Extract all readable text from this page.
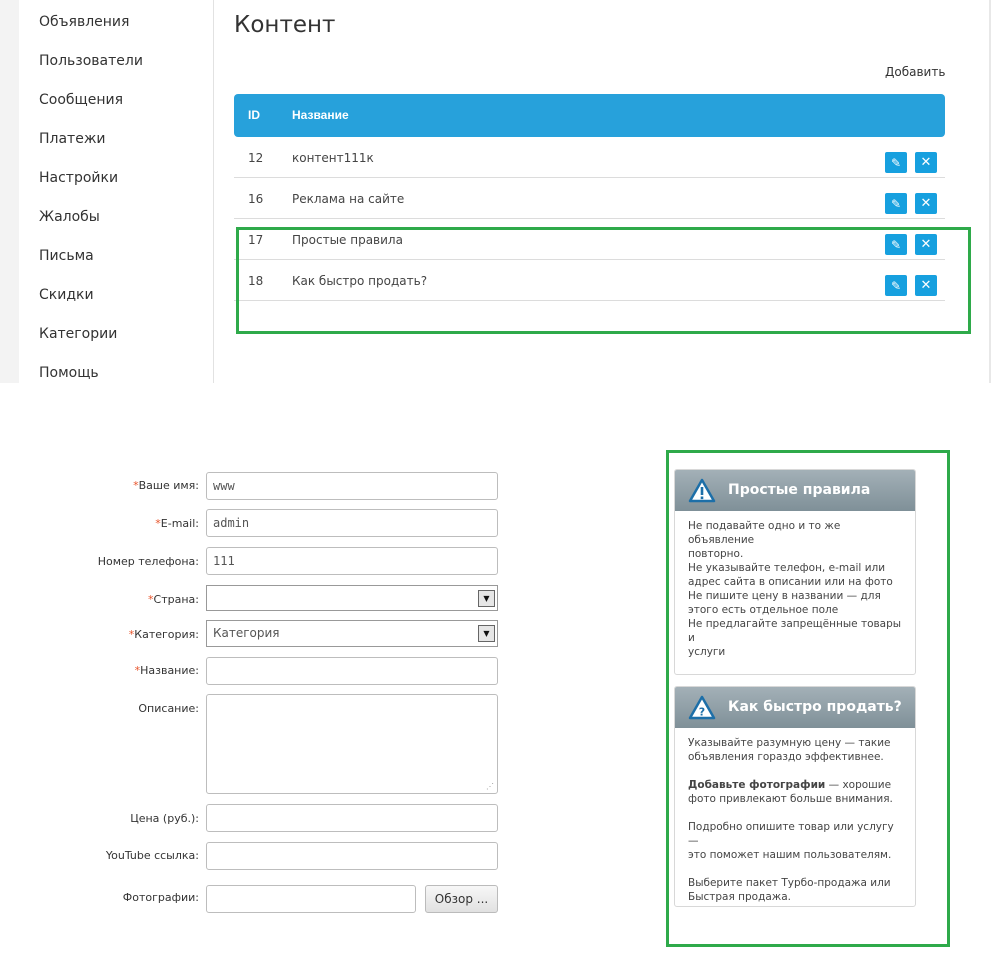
Объявления
Пользователи
Сообщения
Платежи
Настройки
Жалобы
Письма
Скидки
Категории
Помощь
Контент
Добавить
ID	Название
12 контент111к	✎ ✕
16 Реклама на сайте	✎ ✕
17 Простые правила	✎ ✕
18 Как быстро продать?	✎ ✕
*Ваше имя:	www
*E-mail:	admin
Номер телефона:	111
*Страна:	▼
*Категория:	Категория	▼
*Название:
Описание:
⋰
Цена (руб.):
YouTube ссылка:
Фотографии:	Обзор ...
Простые правила

Не подавайте одно и то же объявление

повторно.

Не указывайте телефон, e-mail или

адрес сайта в описании или на фото

Не пишите цену в названии — для

этого есть отдельное поле

Не предлагайте запрещённые товары и

услуги

? Как быстро продать?

Указывайте разумную цену — такие

объявления гораздо эффективнее.

Добавьте фотографии — хорошие

фото привлекают больше внимания.

Подробно опишите товар или услугу —

это поможет нашим пользователям.

Выберите пакет Турбо-продажа или

Быстрая продажа.
